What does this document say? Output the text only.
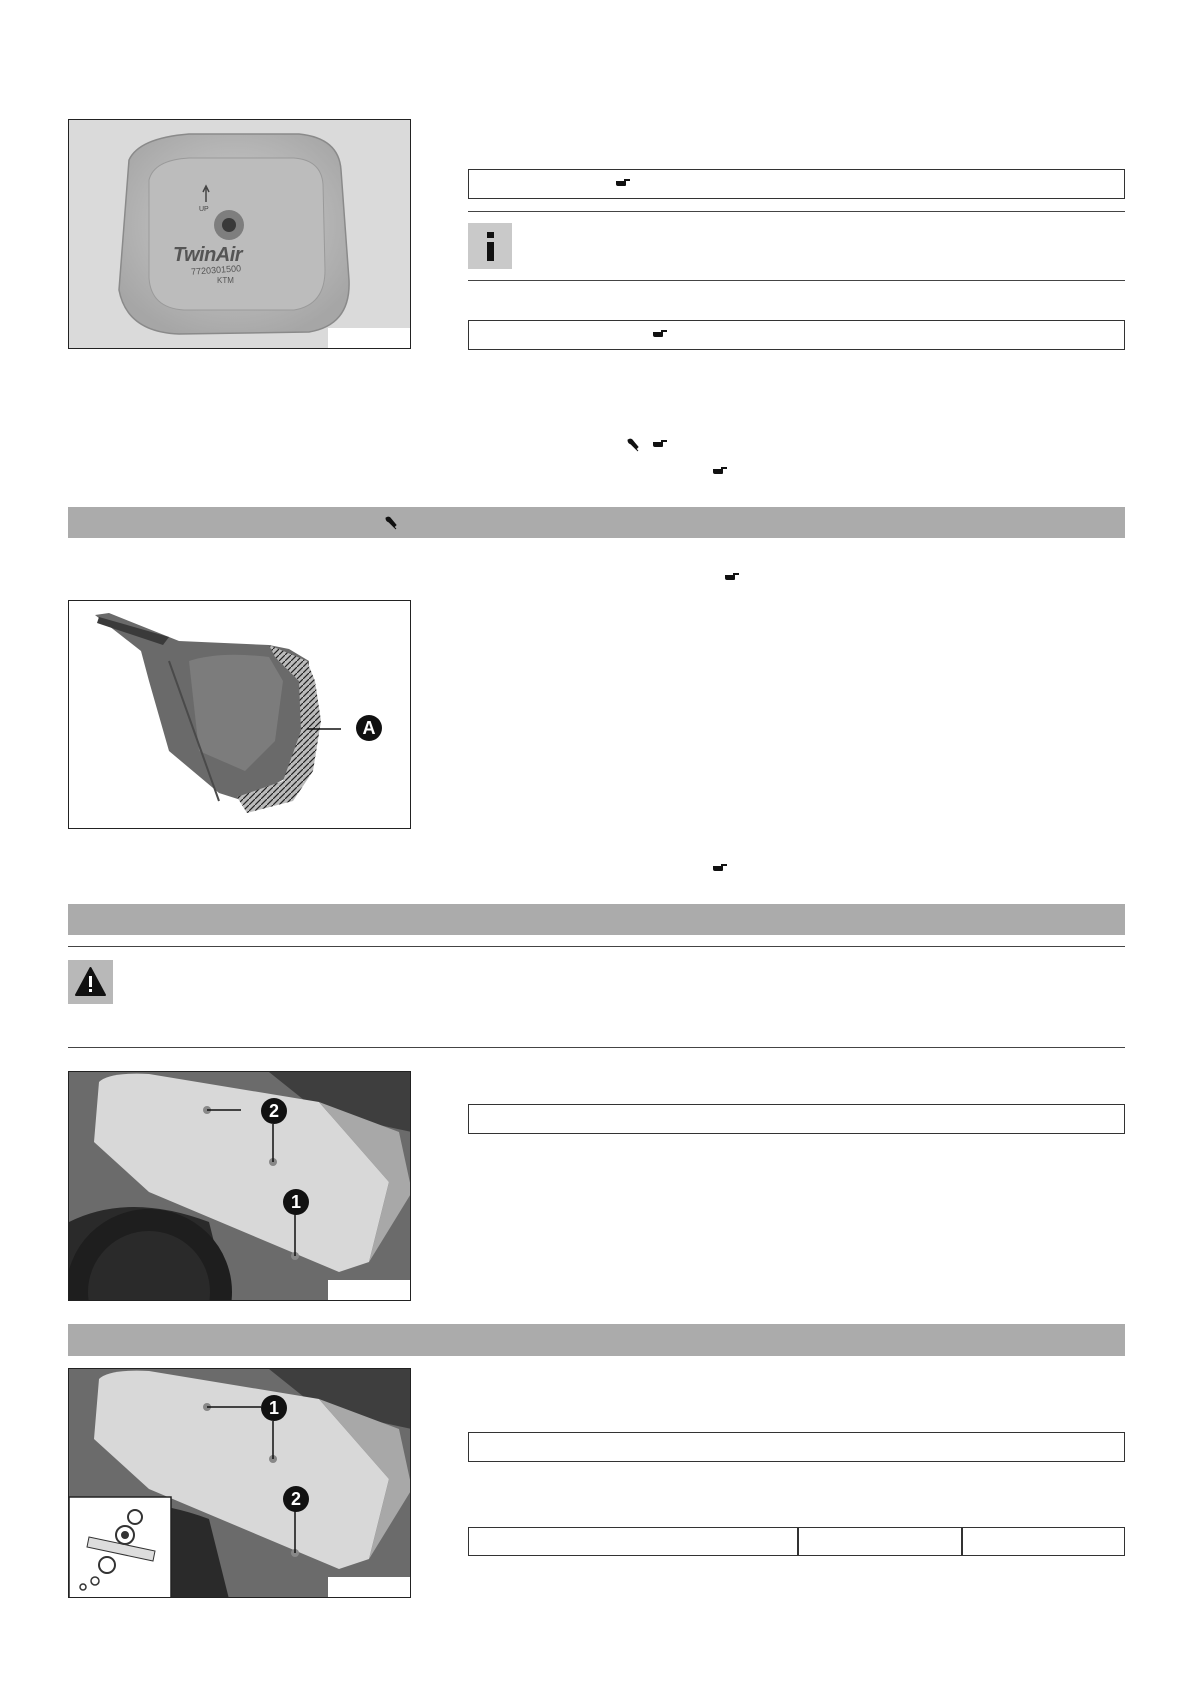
UP
TwinAir
7720301500
KTM
A
2
1
1
2
